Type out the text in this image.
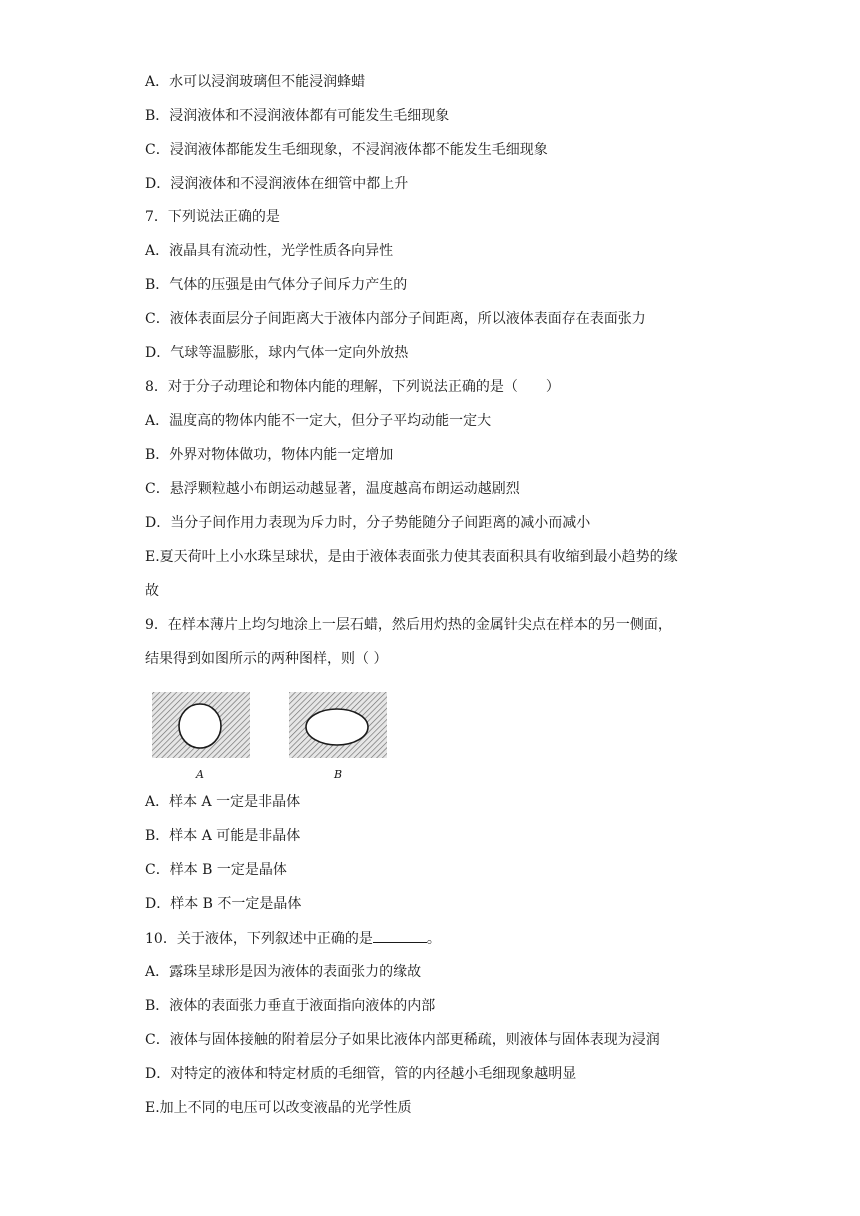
A．水可以浸润玻璃但不能浸润蜂蜡
B．浸润液体和不浸润液体都有可能发生毛细现象
C．浸润液体都能发生毛细现象，不浸润液体都不能发生毛细现象
D．浸润液体和不浸润液体在细管中都上升
7．下列说法正确的是
A．液晶具有流动性，光学性质各向异性
B．气体的压强是由气体分子间斥力产生的
C．液体表面层分子间距离大于液体内部分子间距离，所以液体表面存在表面张力
D．气球等温膨胀，球内气体一定向外放热
8．对于分子动理论和物体内能的理解，下列说法正确的是（　　）
A．温度高的物体内能不一定大，但分子平均动能一定大
B．外界对物体做功，物体内能一定增加
C．悬浮颗粒越小布朗运动越显著，温度越高布朗运动越剧烈
D．当分子间作用力表现为斥力时，分子势能随分子间距离的减小而减小
E.夏天荷叶上小水珠呈球状，是由于液体表面张力使其表面积具有收缩到最小趋势的缘
故
9．在样本薄片上均匀地涂上一层石蜡，然后用灼热的金属针尖点在样本的另一侧面，
结果得到如图所示的两种图样，则（ ）
A	B
A．样本 A 一定是非晶体
B．样本 A 可能是非晶体
C．样本 B 一定是晶体
D．样本 B 不一定是晶体
10．关于液体，下列叙述中正确的是	。
A．露珠呈球形是因为液体的表面张力的缘故
B．液体的表面张力垂直于液面指向液体的内部
C．液体与固体接触的附着层分子如果比液体内部更稀疏，则液体与固体表现为浸润
D．对特定的液体和特定材质的毛细管，管的内径越小毛细现象越明显
E.加上不同的电压可以改变液晶的光学性质
